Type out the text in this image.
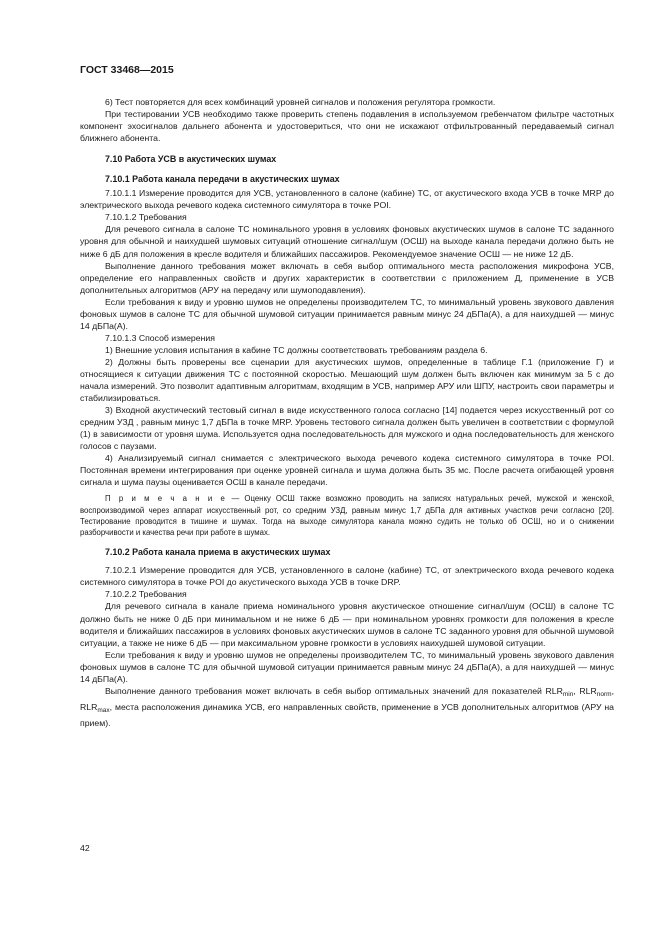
ГОСТ 33468—2015

6) Тест повторяется для всех комбинаций уровней сигналов и положения регулятора громкости.

При тестировании УСВ необходимо также проверить степень подавления в используемом гребенчатом фильтре частотных компонент эхосигналов дальнего абонента и удостовериться, что они не искажают отфильтрованный передаваемый сигнал ближнего абонента.

7.10 Работа УСВ в акустических шумах

7.10.1 Работа канала передачи в акустических шумах

7.10.1.1 Измерение проводится для УСВ, установленного в салоне (кабине) ТС, от акустического входа УСВ в точке MRP до электрического выхода речевого кодека системного симулятора в точке POI.

7.10.1.2 Требования

Для речевого сигнала в салоне ТС номинального уровня в условиях фоновых акустических шумов в салоне ТС заданного уровня для обычной и наихудшей шумовых ситуаций отношение сигнал/шум (ОСШ) на выходе канала передачи должно быть не ниже 6 дБ для положения в кресле водителя и ближайших пассажиров. Рекомендуемое значение ОСШ — не ниже 12 дБ.

Выполнение данного требования может включать в себя выбор оптимального места расположения микрофона УСВ, определение его направленных свойств и других характеристик в соответствии с приложением Д, применение в УСВ дополнительных алгоритмов (АРУ на передачу или шумоподавления).

Если требования к виду и уровню шумов не определены производителем ТС, то минимальный уровень звукового давления фоновых шумов в салоне ТС для обычной шумовой ситуации принимается равным минус 24 дБПа(А), а для наихудшей — минус 14 дБПа(А).

7.10.1.3 Способ измерения

1) Внешние условия испытания в кабине ТС должны соответствовать требованиям раздела 6.

2) Должны быть проверены все сценарии для акустических шумов, определенные в таблице Г.1 (приложение Г) и относящиеся к ситуации движения ТС с постоянной скоростью. Мешающий шум должен быть включен как минимум за 5 с до начала измерений. Это позволит адаптивным алгоритмам, входящим в УСВ, например АРУ или ШПУ, настроить свои параметры и стабилизироваться.

3) Входной акустический тестовый сигнал в виде искусственного голоса согласно [14] подается через искусственный рот со средним УЗД , равным минус 1,7 дБПа в точке MRP. Уровень тестового сигнала должен быть увеличен в соответствии с формулой (1) в зависимости от уровня шума. Используется одна последовательность для мужского и одна последовательность для женского голосов с паузами.

4) Анализируемый сигнал снимается с электрического выхода речевого кодека системного симулятора в точке POI. Постоянная времени интегрирования при оценке уровней сигнала и шума должна быть 35 мс. После расчета огибающей уровня сигнала и шума паузы оценивается ОСШ в канале передачи.

П р и м е ч а н и е — Оценку ОСШ также возможно проводить на записях натуральных речей, мужской и женской, воспроизводимой через аппарат искусственный рот, со средним УЗД, равным минус 1,7 дБПа для активных участков речи согласно [20]. Тестирование проводится в тишине и шумах. Тогда на выходе симулятора канала можно судить не только об ОСШ, но и о снижении разборчивости и качества речи при работе в шумах.

7.10.2 Работа канала приема в акустических шумах

7.10.2.1 Измерение проводится для УСВ, установленного в салоне (кабине) ТС, от электрического входа речевого кодека системного симулятора в точке POI до акустического выхода УСВ в точке DRP.

7.10.2.2 Требования

Для речевого сигнала в канале приема номинального уровня акустическое отношение сигнал/шум (ОСШ) в салоне ТС должно быть не ниже 0 дБ при минимальном и не ниже 6 дБ — при номинальном уровнях громкости для положения в кресле водителя и ближайших пассажиров в условиях фоновых акустических шумов в салоне ТС заданного уровня для обычной шумовой ситуации, а также не ниже 6 дБ — при максимальном уровне громкости в условиях наихудшей шумовой ситуации.

Если требования к виду и уровню шумов не определены производителем ТС, то минимальный уровень звукового давления фоновых шумов в салоне ТС для обычной шумовой ситуации принимается равным минус 24 дБПа(А), а для наихудшей — минус 14 дБПа(А).

Выполнение данного требования может включать в себя выбор оптимальных значений для показателей $RLR_{min}$, $RLR_{norm}$, $RLR_{max}$, места расположения динамика УСВ, его направленных свойств, применение в УСВ дополнительных алгоритмов (АРУ на прием).

42
